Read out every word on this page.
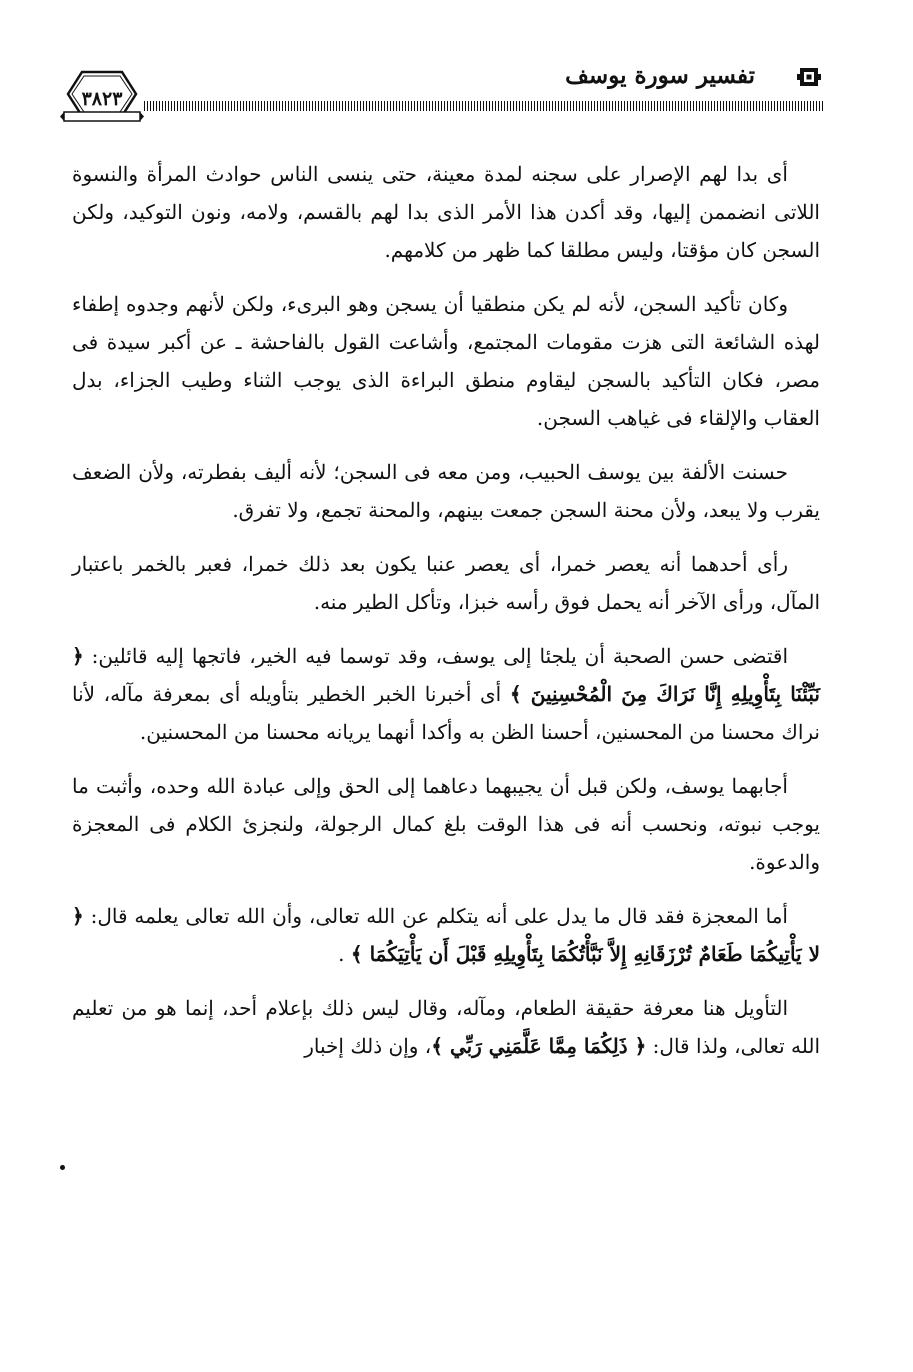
٣٨٢٣
تفسير سورة يوسف

أى بدا لهم الإصرار على سجنه لمدة معينة، حتى ينسى الناس حوادث المرأة والنسوة اللاتى انضممن إليها، وقد أكدن هذا الأمر الذى بدا لهم بالقسم، ولامه، ونون التوكيد، ولكن السجن كان مؤقتا، وليس مطلقا كما ظهر من كلامهم.

وكان تأكيد السجن، لأنه لم يكن منطقيا أن يسجن وهو البرىء، ولكن لأنهم وجدوه إطفاء لهذه الشائعة التى هزت مقومات المجتمع، وأشاعت القول بالفاحشة ـ عن أكبر سيدة فى مصر، فكان التأكيد بالسجن ليقاوم منطق البراءة الذى يوجب الثناء وطيب الجزاء، بدل العقاب والإلقاء فى غياهب السجن.

حسنت الألفة بين يوسف الحبيب، ومن معه فى السجن؛ لأنه أليف بفطرته، ولأن الضعف يقرب ولا يبعد، ولأن محنة السجن جمعت بينهم، والمحنة تجمع، ولا تفرق.

رأى أحدهما أنه يعصر خمرا، أى يعصر عنبا يكون بعد ذلك خمرا، فعبر بالخمر باعتبار المآل، ورأى الآخر أنه يحمل فوق رأسه خبزا، وتأكل الطير منه.

اقتضى حسن الصحبة أن يلجئا إلى يوسف، وقد توسما فيه الخير، فاتجها إليه قائلين: ﴿ نَبِّئْنَا بِتَأْوِيلِهِ إِنَّا نَرَاكَ مِنَ الْمُحْسِنِينَ ﴾ أى أخبرنا الخبر الخطير بتأويله أى بمعرفة مآله، لأنا نراك محسنا من المحسنين، أحسنا الظن به وأكدا أنهما يريانه محسنا من المحسنين.

أجابهما يوسف، ولكن قبل أن يجيبهما دعاهما إلى الحق وإلى عبادة الله وحده، وأثبت ما يوجب نبوته، ونحسب أنه فى هذا الوقت بلغ كمال الرجولة، ولنجزئ الكلام فى المعجزة والدعوة.

أما المعجزة فقد قال ما يدل على أنه يتكلم عن الله تعالى، وأن الله تعالى يعلمه قال: ﴿ لا يَأْتِيكُمَا طَعَامٌ تُرْزَقَانِهِ إِلاَّ نَبَّأْتُكُمَا بِتَأْوِيلِهِ قَبْلَ أَن يَأْتِيَكُمَا ﴾ .

التأويل هنا معرفة حقيقة الطعام، ومآله، وقال ليس ذلك بإعلام أحد، إنما هو من تعليم الله تعالى، ولذا قال: ﴿ ذَلِكُمَا مِمَّا عَلَّمَنِي رَبِّي ﴾، وإن ذلك إخبار
